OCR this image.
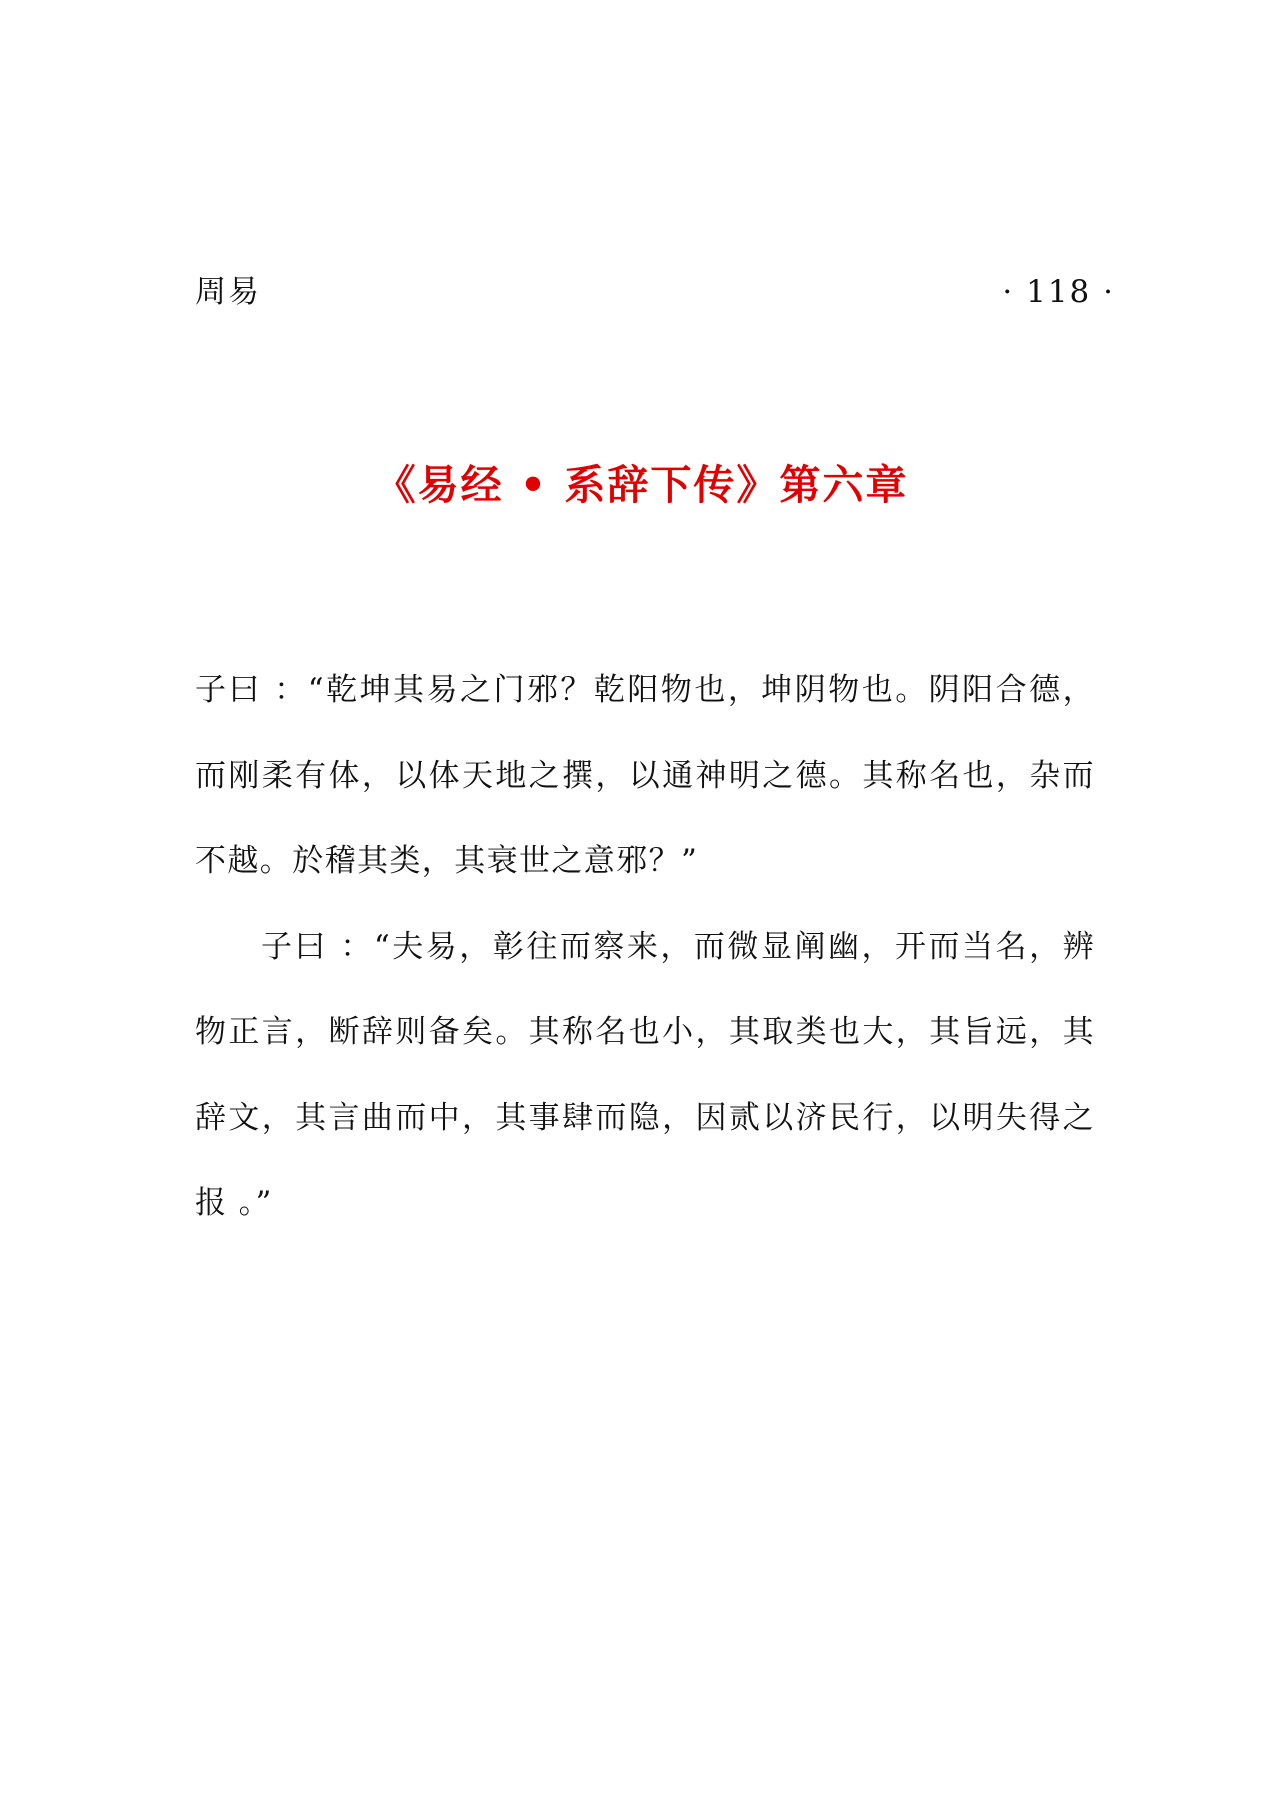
周易	· 118 ·
《易经 • 系辞下传》第六章

子曰 ：“乾坤其易之门邪？乾阳物也，坤阴物也。阴阳合德，而刚柔有体，以体天地之撰，以通神明之德。其称名也，杂而不越。於稽其类，其衰世之意邪？”

子曰 ：“夫易，彰往而察来，而微显阐幽，开而当名，辨物正言，断辞则备矣。其称名也小，其取类也大，其旨远，其辞文，其言曲而中，其事肆而隐，因贰以济民行，以明失得之报 。”
